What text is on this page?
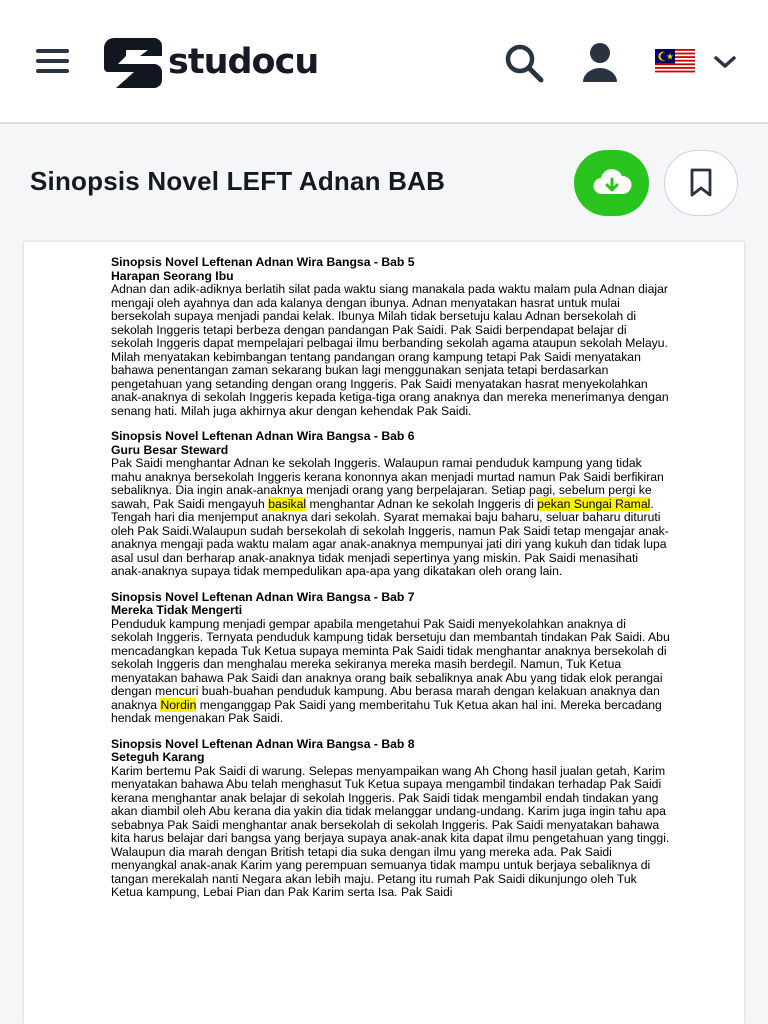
studocu
Sinopsis Novel LEFT Adnan BAB
Sinopsis Novel Leftenan Adnan Wira Bangsa - Bab 5
Harapan Seorang Ibu

Adnan dan adik-adiknya berlatih silat pada waktu siang manakala pada waktu malam pula Adnan diajar mengaji oleh ayahnya dan ada kalanya dengan ibunya. Adnan menyatakan hasrat untuk mulai bersekolah supaya menjadi pandai kelak. Ibunya Milah tidak bersetuju kalau Adnan bersekolah di sekolah Inggeris tetapi berbeza dengan pandangan Pak Saidi. Pak Saidi berpendapat belajar di sekolah Inggeris dapat mempelajari pelbagai ilmu berbanding sekolah agama ataupun sekolah Melayu. Milah menyatakan kebimbangan tentang pandangan orang kampung tetapi Pak Saidi menyatakan bahawa penentangan zaman sekarang bukan lagi menggunakan senjata tetapi berdasarkan pengetahuan yang setanding dengan orang Inggeris. Pak Saidi menyatakan hasrat menyekolahkan anak-anaknya di sekolah Inggeris kepada ketiga-tiga orang anaknya dan mereka menerimanya dengan senang hati. Milah juga akhirnya akur dengan kehendak Pak Saidi.

Sinopsis Novel Leftenan Adnan Wira Bangsa - Bab 6
Guru Besar Steward

Pak Saidi menghantar Adnan ke sekolah Inggeris. Walaupun ramai penduduk kampung yang tidak mahu anaknya bersekolah Inggeris kerana kononnya akan menjadi murtad namun Pak Saidi berfikiran sebaliknya. Dia ingin anak-anaknya menjadi orang yang berpelajaran. Setiap pagi, sebelum pergi ke sawah, Pak Saidi mengayuh basikal menghantar Adnan ke sekolah Inggeris di pekan Sungai Ramal. Tengah hari dia menjemput anaknya dari sekolah. Syarat memakai baju baharu, seluar baharu dituruti oleh Pak Saidi.Walaupun sudah bersekolah di sekolah Inggeris, namun Pak Saidi tetap mengajar anak-anaknya mengaji pada waktu malam agar anak-anaknya mempunyai jati diri yang kukuh dan tidak lupa asal usul dan berharap anak-anaknya tidak menjadi sepertinya yang miskin. Pak Saidi menasihati anak-anaknya supaya tidak mempedulikan apa-apa yang dikatakan oleh orang lain.

Sinopsis Novel Leftenan Adnan Wira Bangsa - Bab 7
Mereka Tidak Mengerti

Penduduk kampung menjadi gempar apabila mengetahui Pak Saidi menyekolahkan anaknya di sekolah Inggeris. Ternyata penduduk kampung tidak bersetuju dan membantah tindakan Pak Saidi. Abu mencadangkan kepada Tuk Ketua supaya meminta Pak Saidi tidak menghantar anaknya bersekolah di sekolah Inggeris dan menghalau mereka sekiranya mereka masih berdegil. Namun, Tuk Ketua menyatakan bahawa Pak Saidi dan anaknya orang baik sebaliknya anak Abu yang tidak elok perangai dengan mencuri buah-buahan penduduk kampung. Abu berasa marah dengan kelakuan anaknya dan anaknya Nordin menganggap Pak Saidi yang memberitahu Tuk Ketua akan hal ini. Mereka bercadang hendak mengenakan Pak Saidi.

Sinopsis Novel Leftenan Adnan Wira Bangsa - Bab 8
Seteguh Karang

Karim bertemu Pak Saidi di warung. Selepas menyampaikan wang Ah Chong hasil jualan getah, Karim menyatakan bahawa Abu telah menghasut Tuk Ketua supaya mengambil tindakan terhadap Pak Saidi kerana menghantar anak belajar di sekolah Inggeris. Pak Saidi tidak mengambil endah tindakan yang akan diambil oleh Abu kerana dia yakin dia tidak melanggar undang-undang. Karim juga ingin tahu apa sebabnya Pak Saidi menghantar anak bersekolah di sekolah Inggeris. Pak Saidi menyatakan bahawa kita harus belajar dari bangsa yang berjaya supaya anak-anak kita dapat ilmu pengetahuan yang tinggi. Walaupun dia marah dengan British tetapi dia suka dengan ilmu yang mereka ada. Pak Saidi menyangkal anak-anak Karim yang perempuan semuanya tidak mampu untuk berjaya sebaliknya di tangan merekalah nanti Negara akan lebih maju. Petang itu rumah Pak Saidi dikunjungo oleh Tuk Ketua kampung, Lebai Pian dan Pak Karim serta Isa. Pak Saidi
